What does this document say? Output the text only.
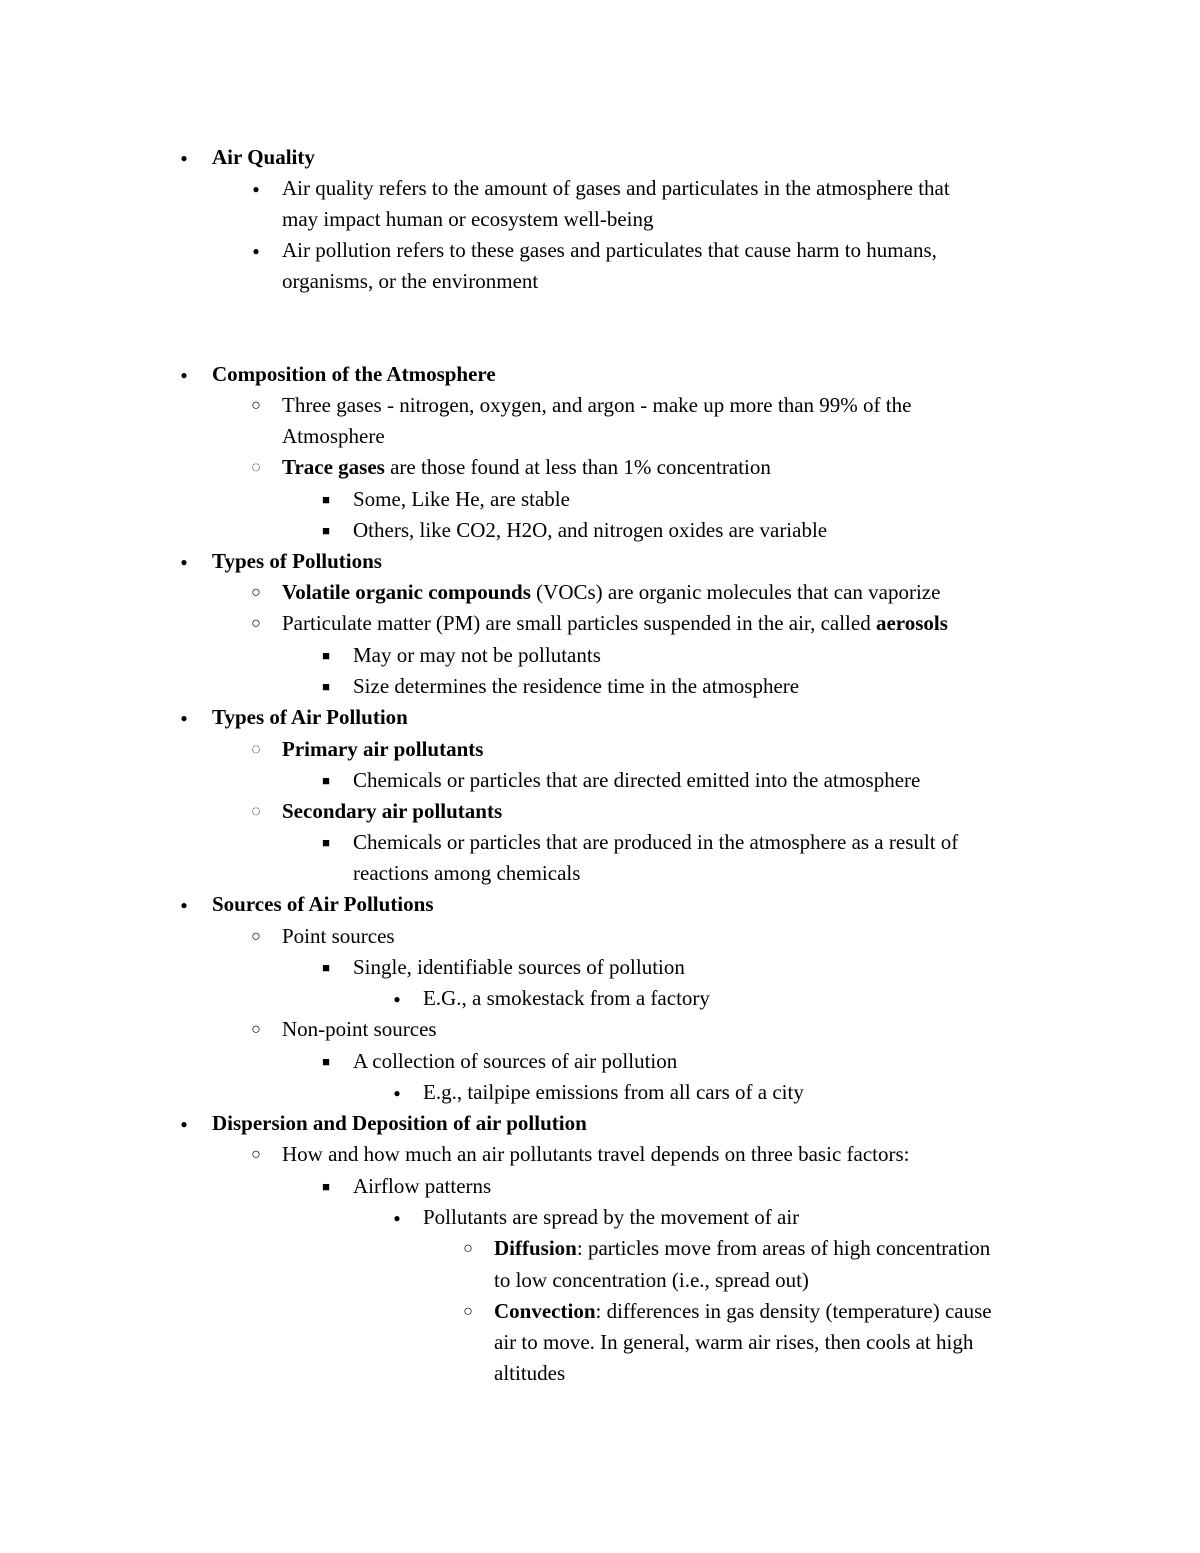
●
Air Quality
●
Air quality refers to the amount of gases and particulates in the atmosphere that
may impact human or ecosystem well-being
●
Air pollution refers to these gases and particulates that cause harm to humans,
organisms, or the environment
●
Composition of the Atmosphere
○
Three gases - nitrogen, oxygen, and argon - make up more than 99% of the
Atmosphere
◌
Trace gases are those found at less than 1% concentration
■
Some, Like He, are stable
■
Others, like CO2, H2O, and nitrogen oxides are variable
●
Types of Pollutions
○
Volatile organic compounds (VOCs) are organic molecules that can vaporize
○
Particulate matter (PM) are small particles suspended in the air, called aerosols
■
May or may not be pollutants
■
Size determines the residence time in the atmosphere
●
Types of Air Pollution
◌
Primary air pollutants
■
Chemicals or particles that are directed emitted into the atmosphere
◌
Secondary air pollutants
■
Chemicals or particles that are produced in the atmosphere as a result of
reactions among chemicals
●
Sources of Air Pollutions
○
Point sources
■
Single, identifiable sources of pollution
●
E.G., a smokestack from a factory
○
Non-point sources
■
A collection of sources of air pollution
●
E.g., tailpipe emissions from all cars of a city
●
Dispersion and Deposition of air pollution
○
How and how much an air pollutants travel depends on three basic factors:
■
Airflow patterns
●
Pollutants are spread by the movement of air
○
Diffusion: particles move from areas of high concentration
to low concentration (i.e., spread out)
○
Convection: differences in gas density (temperature) cause
air to move. In general, warm air rises, then cools at high
altitudes
